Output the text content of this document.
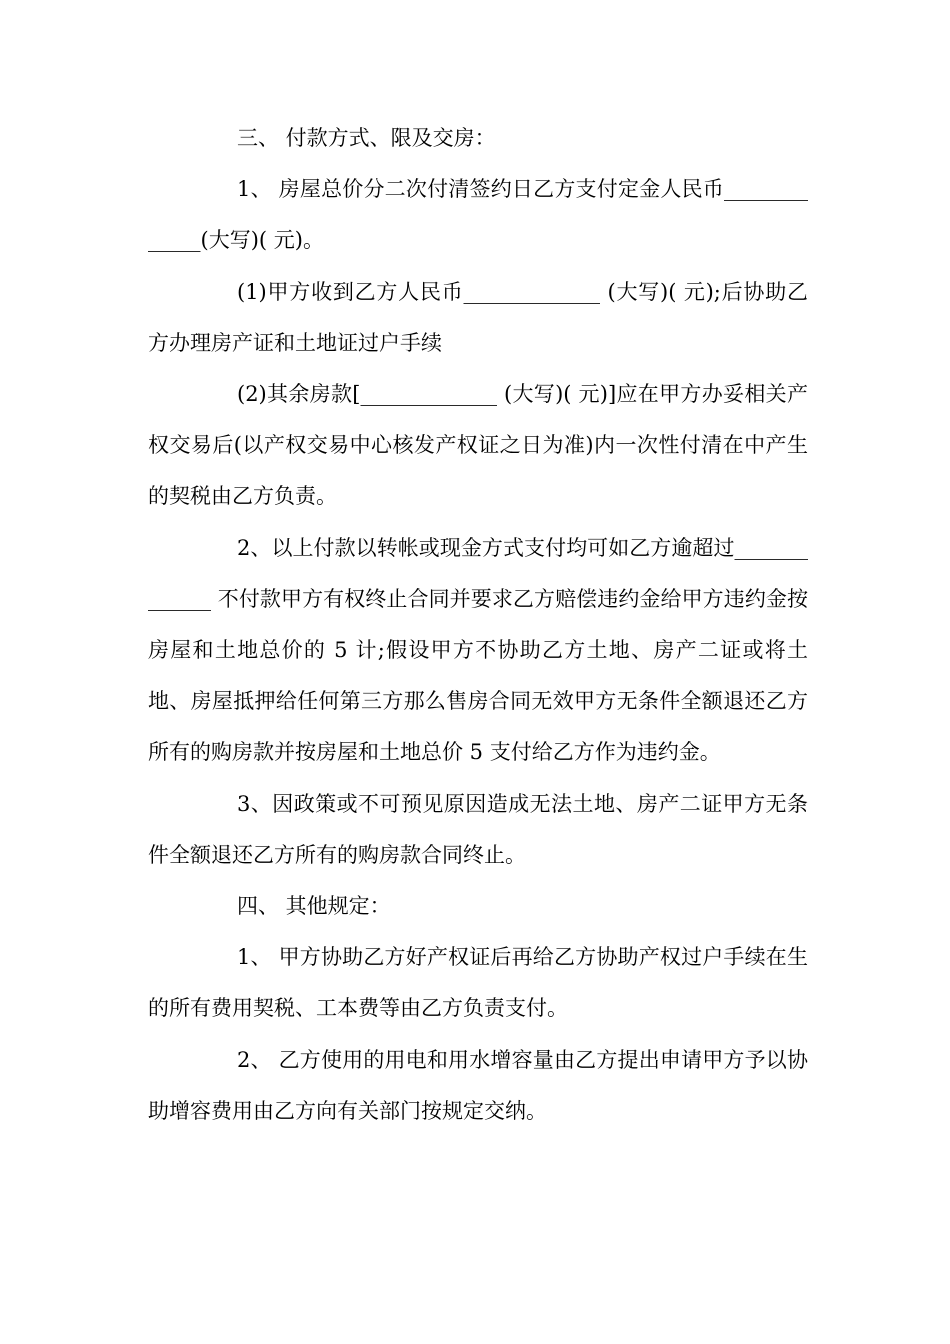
三、 付款方式、限及交房：

1、 房屋总价分二次付清签约日乙方支付定金人民币_____________(大写)( 元)。

(1)甲方收到乙方人民币_____________ (大写)( 元);后协助乙方办理房产证和土地证过户手续

(2)其余房款[_____________ (大写)( 元)]应在甲方办妥相关产权交易后(以产权交易中心核发产权证之日为准)内一次性付清在中产生的契税由乙方负责。

2、以上付款以转帐或现金方式支付均可如乙方逾超过_____________ 不付款甲方有权终止合同并要求乙方赔偿违约金给甲方违约金按房屋和土地总价的 5 计;假设甲方不协助乙方土地、房产二证或将土地、房屋抵押给任何第三方那么售房合同无效甲方无条件全额退还乙方所有的购房款并按房屋和土地总价 5 支付给乙方作为违约金。

3、因政策或不可预见原因造成无法土地、房产二证甲方无条件全额退还乙方所有的购房款合同终止。

四、 其他规定：

1、 甲方协助乙方好产权证后再给乙方协助产权过户手续在生的所有费用契税、工本费等由乙方负责支付。

2、 乙方使用的用电和用水增容量由乙方提出申请甲方予以协助增容费用由乙方向有关部门按规定交纳。
